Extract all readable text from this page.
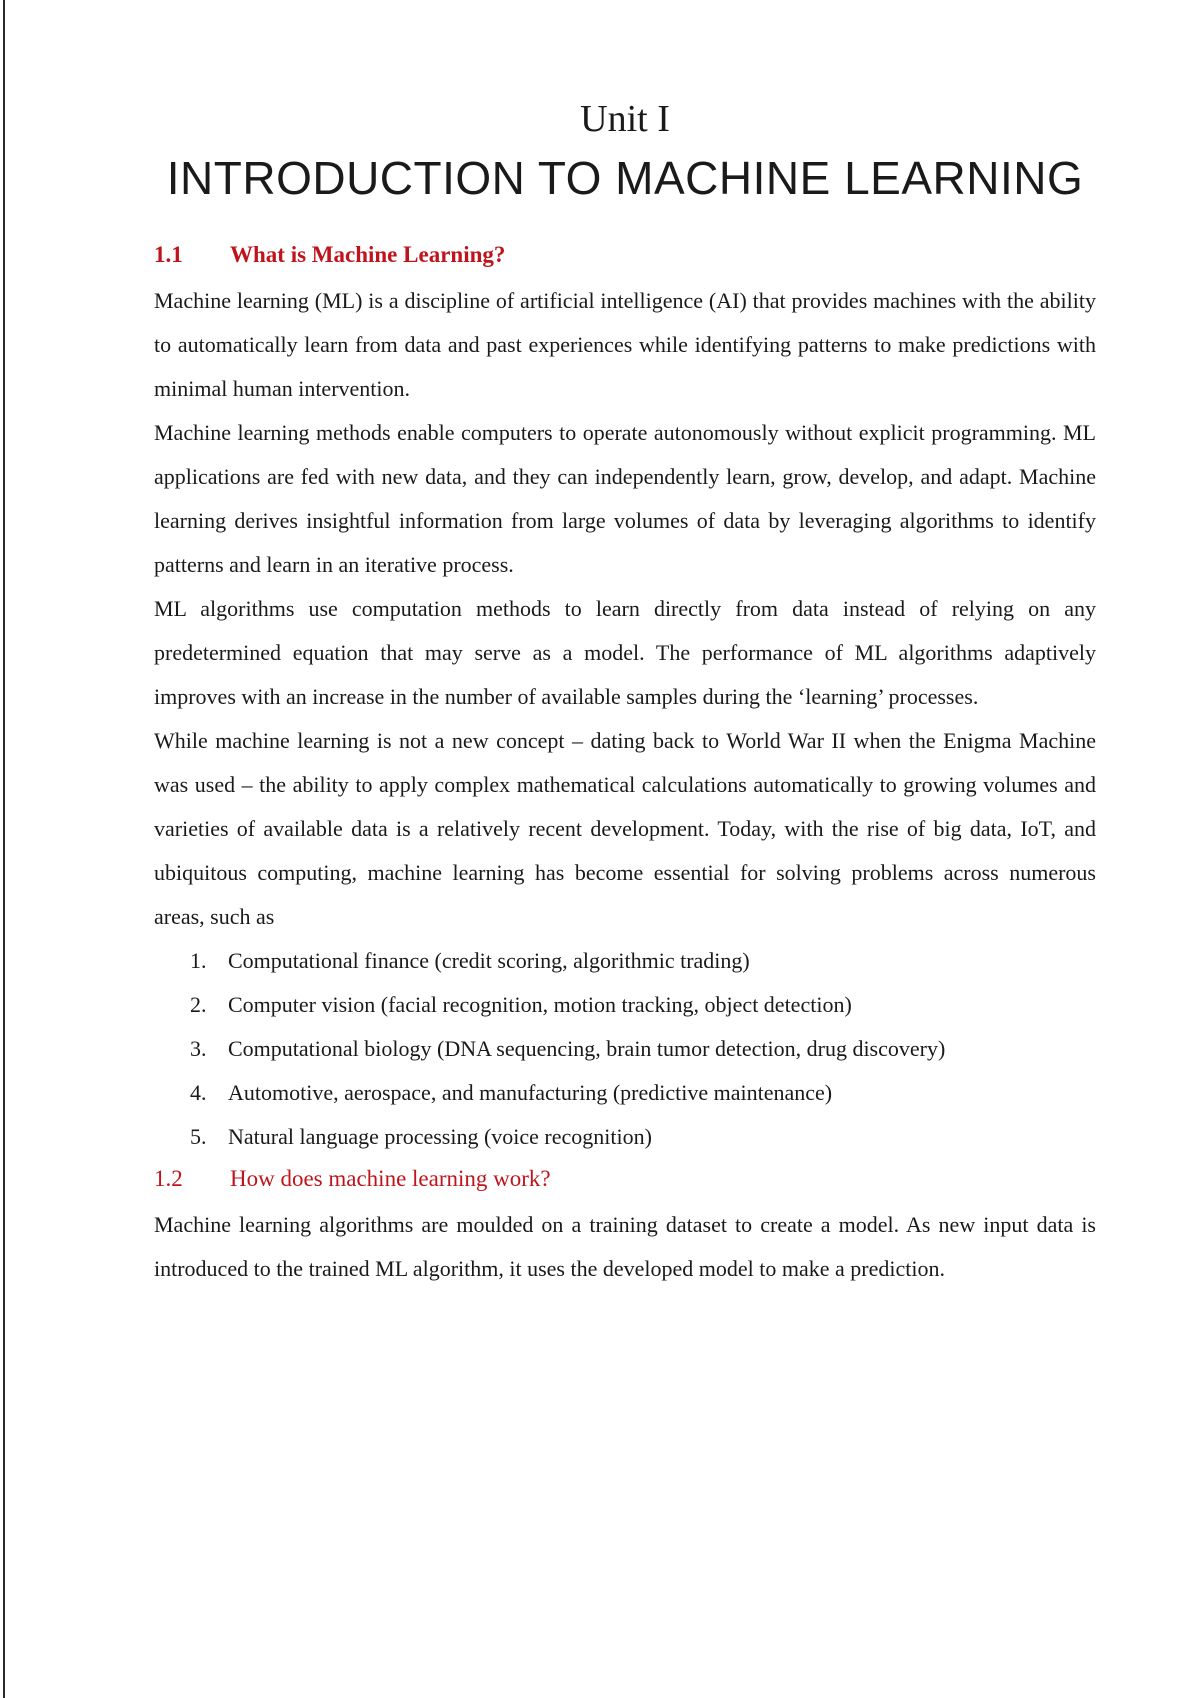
Unit I
INTRODUCTION TO MACHINE LEARNING
1.1	What is Machine Learning?

Machine learning (ML) is a discipline of artificial intelligence (AI) that provides machines with the ability to automatically learn from data and past experiences while identifying patterns to make predictions with minimal human intervention.

Machine learning methods enable computers to operate autonomously without explicit programming. ML applications are fed with new data, and they can independently learn, grow, develop, and adapt. Machine learning derives insightful information from large volumes of data by leveraging algorithms to identify patterns and learn in an iterative process.

ML algorithms use computation methods to learn directly from data instead of relying on any predetermined equation that may serve as a model. The performance of ML algorithms adaptively improves with an increase in the number of available samples during the ‘learning’ processes.

While machine learning is not a new concept – dating back to World War II when the Enigma Machine was used – the ability to apply complex mathematical calculations automatically to growing volumes and varieties of available data is a relatively recent development. Today, with the rise of big data, IoT, and ubiquitous computing, machine learning has become essential for solving problems across numerous areas, such as

1. Computational finance (credit scoring, algorithmic trading)
2. Computer vision (facial recognition, motion tracking, object detection)
3. Computational biology (DNA sequencing, brain tumor detection, drug discovery)
4. Automotive, aerospace, and manufacturing (predictive maintenance)
5. Natural language processing (voice recognition)
1.2	How does machine learning work?

Machine learning algorithms are moulded on a training dataset to create a model. As new input data is introduced to the trained ML algorithm, it uses the developed model to make a prediction.
